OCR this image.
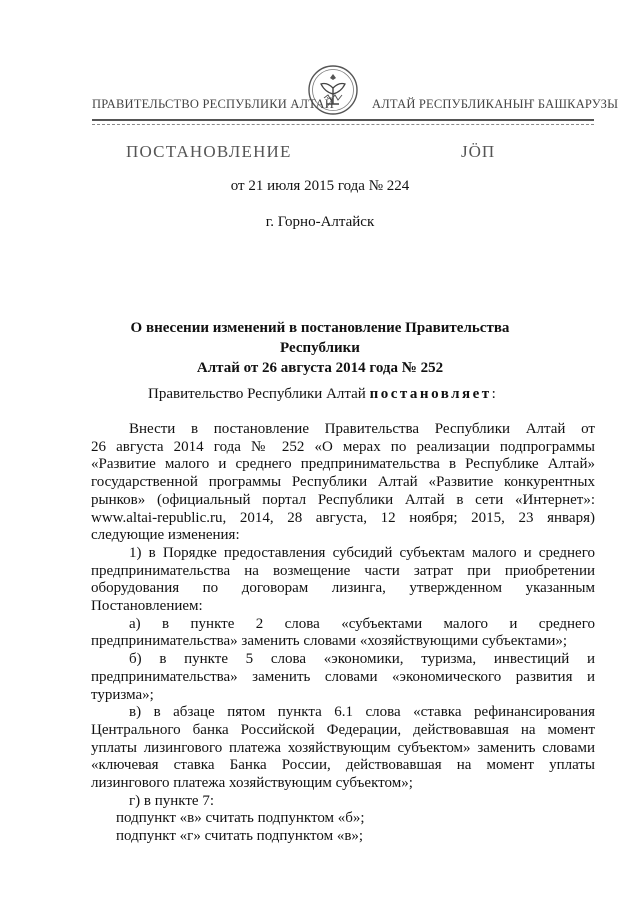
ПРАВИТЕЛЬСТВО РЕСПУБЛИКИ АЛТАЙ	АЛТАЙ РЕСПУБЛИКАНЫҤ БАШКАРУЗЫ
ПОСТАНОВЛЕНИЕ	ЈӦП
от 21 июля 2015 года № 224
г. Горно-Алтайск
О внесении изменений в постановление Правительства Республики
Алтай от 26 августа 2014 года № 252
Правительство Республики Алтай постановляет:

Внести в постановление Правительства Республики Алтай от

26 августа 2014 года № 252 «О мерах по реализации подпрограммы

«Развитие малого и среднего предпринимательства в Республике Алтай»

государственной программы Республики Алтай «Развитие конкурентных

рынков» (официальный портал Республики Алтай в сети «Интернет»:

www.altai-republic.ru, 2014, 28 августа, 12 ноября; 2015, 23 января)

следующие изменения:

1) в Порядке предоставления субсидий субъектам малого и среднего

предпринимательства на возмещение части затрат при приобретении

оборудования по договорам лизинга, утвержденном указанным

Постановлением:

а) в пункте 2 слова «субъектами малого и среднего

предпринимательства» заменить словами «хозяйствующими субъектами»;

б) в пункте 5 слова «экономики, туризма, инвестиций и

предпринимательства» заменить словами «экономического развития и

туризма»;

в) в абзаце пятом пункта 6.1 слова «ставка рефинансирования

Центрального банка Российской Федерации, действовавшая на момент

уплаты лизингового платежа хозяйствующим субъектом» заменить словами

«ключевая ставка Банка России, действовавшая на момент уплаты

лизингового платежа хозяйствующим субъектом»;

г) в пункте 7:

подпункт «в» считать подпунктом «б»;

подпункт «г» считать подпунктом «в»;
